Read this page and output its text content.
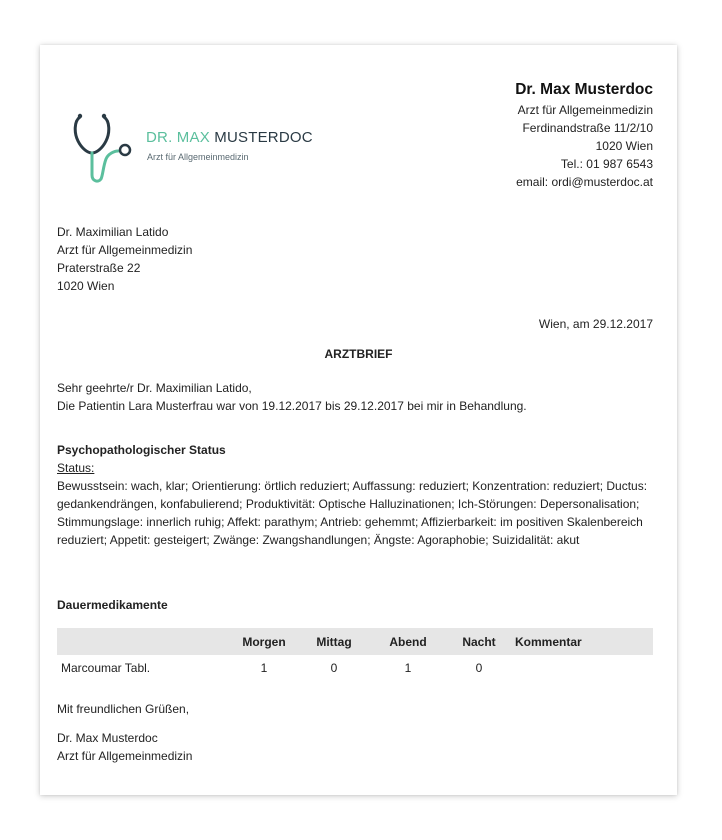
DR. MAX MUSTERDOC
Arzt für Allgemeinmedizin
Dr. Max Musterdoc
Arzt für Allgemeinmedizin
Ferdinandstraße 11/2/10
1020 Wien
Tel.: 01 987 6543
email: ordi@musterdoc.at
Dr. Maximilian Latido
Arzt für Allgemeinmedizin
Praterstraße 22
1020 Wien
Wien, am 29.12.2017
ARZTBRIEF
Sehr geehrte/r Dr. Maximilian Latido,
Die Patientin Lara Musterfrau war von 19.12.2017 bis 29.12.2017 bei mir in Behandlung.
Psychopathologischer Status
Status:
Bewusstsein: wach, klar; Orientierung: örtlich reduziert; Auffassung: reduziert; Konzentration: reduziert; Ductus: gedankendrängen, konfabulierend; Produktivität: Optische Halluzinationen; Ich-Störungen: Depersonalisation; Stimmungslage: innerlich ruhig; Affekt: parathym; Antrieb: gehemmt; Affizierbarkeit: im positiven Skalenbereich reduziert; Appetit: gesteigert; Zwänge: Zwangshandlungen; Ängste: Agoraphobie; Suizidalität: akut
Dauermedikamente
	Morgen	Mittag	Abend	Nacht	Kommentar
Marcoumar Tabl.	1	0	1	0	
Mit freundlichen Grüßen,
Dr. Max Musterdoc
Arzt für Allgemeinmedizin
